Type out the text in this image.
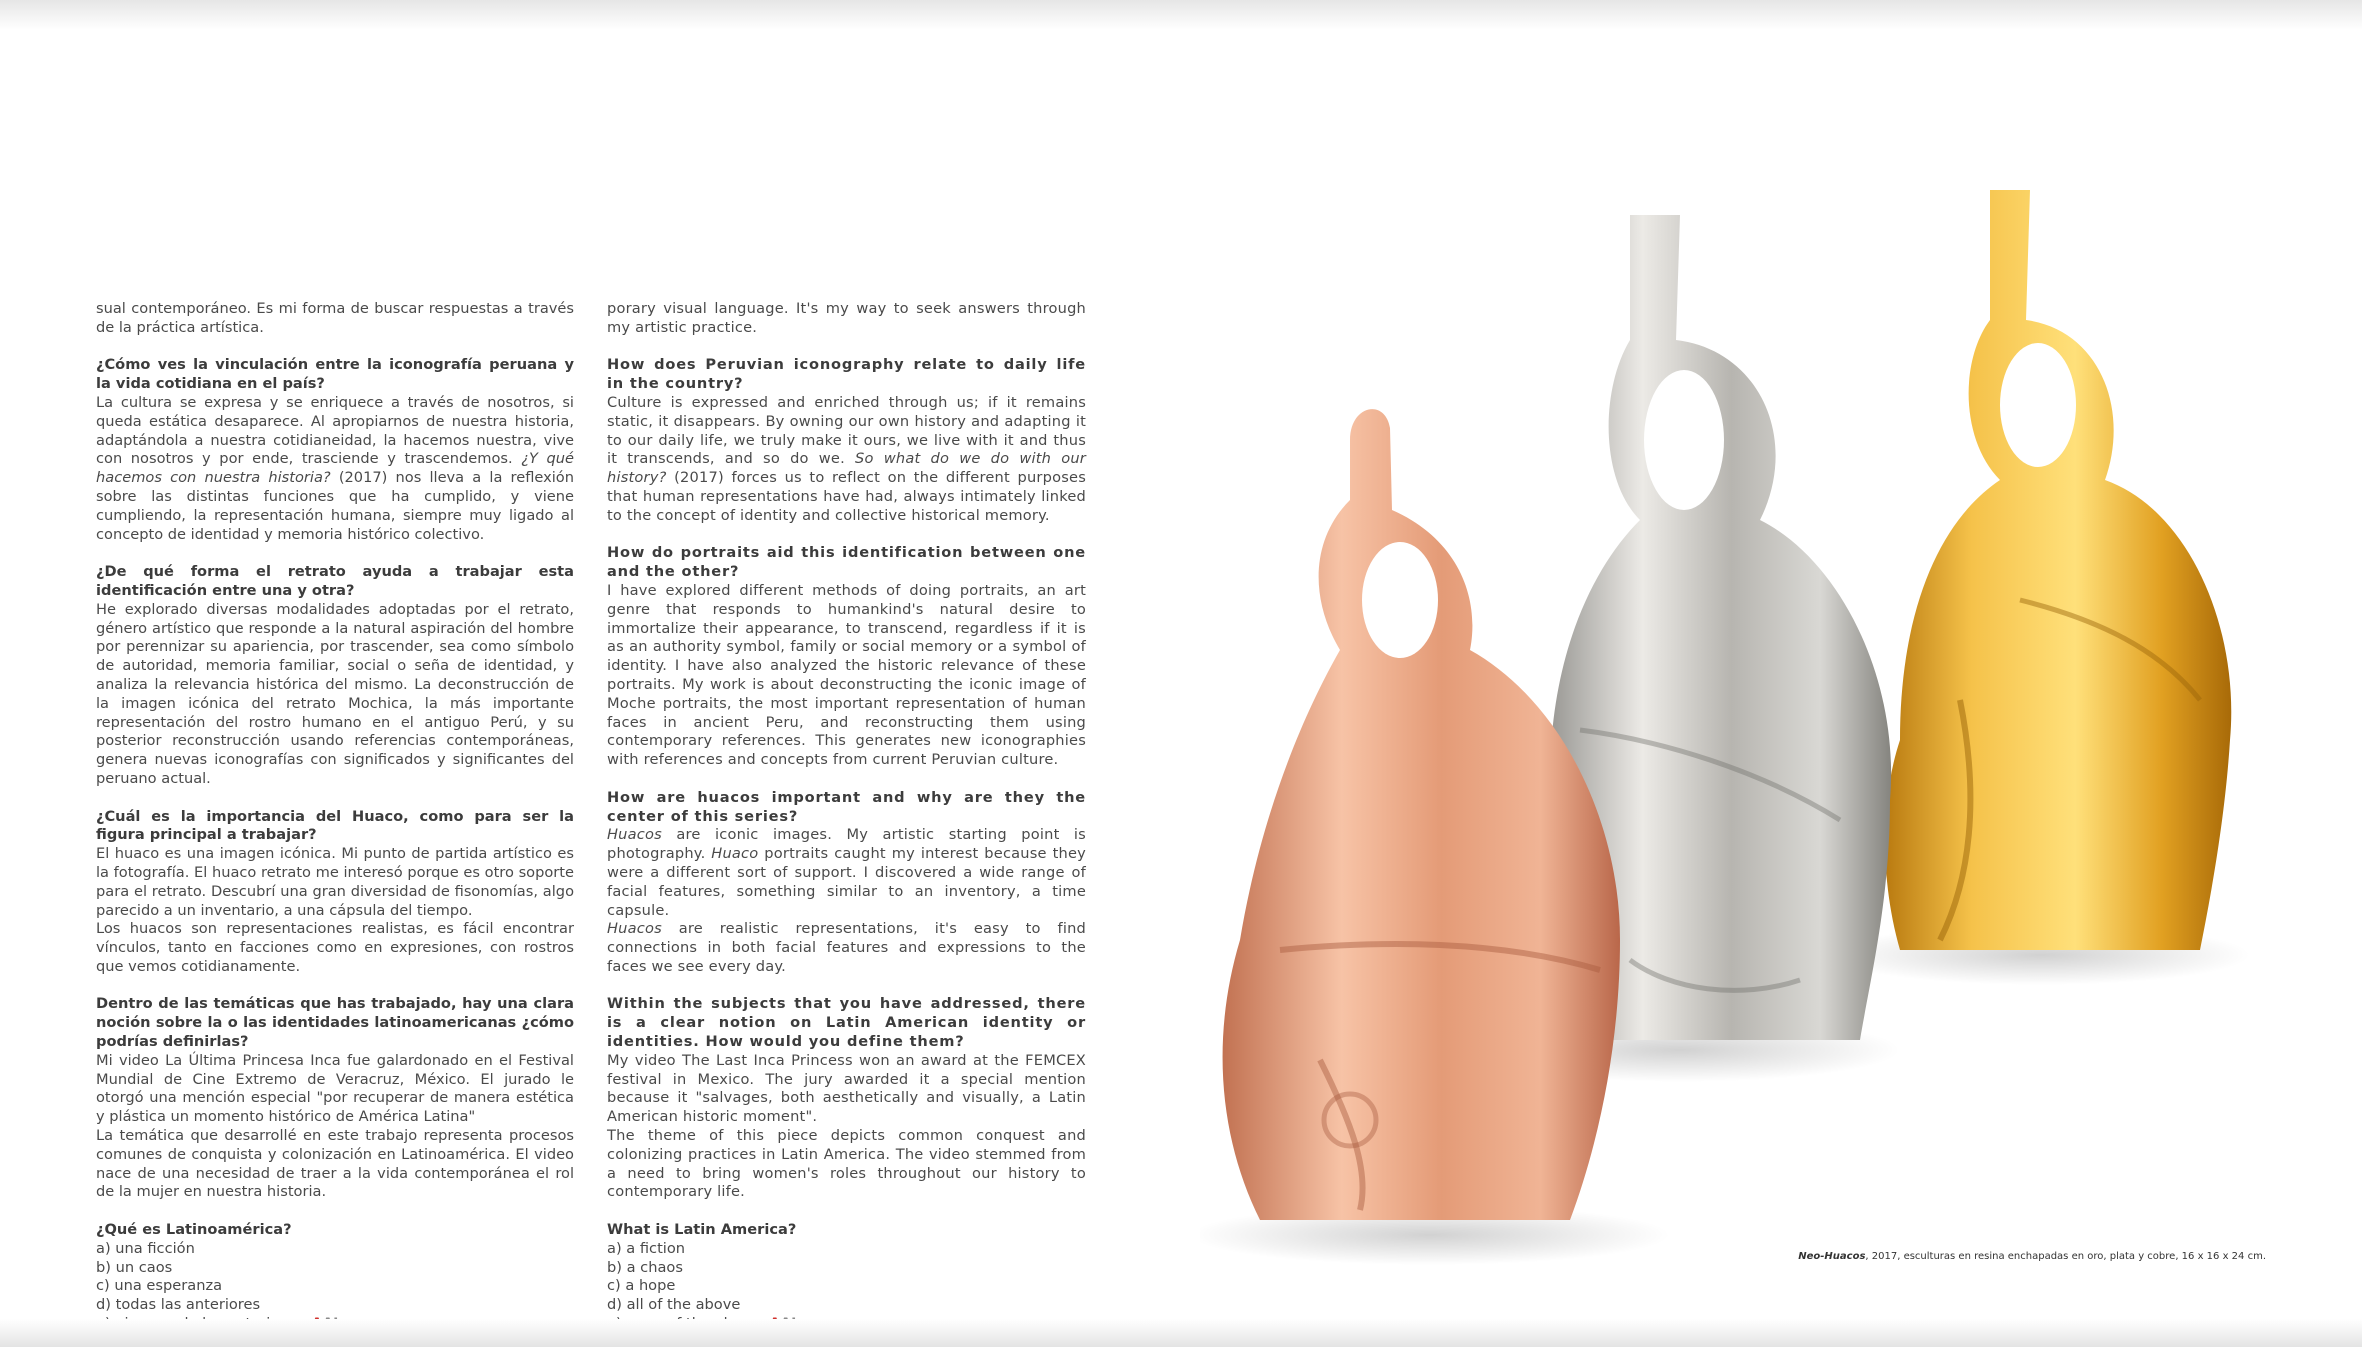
sual contemporáneo. Es mi forma de buscar respuestas a través de la práctica artística.

¿Cómo ves la vinculación entre la iconografía peruana y la vida cotidiana en el país?

La cultura se expresa y se enriquece a través de nosotros, si queda estática desaparece. Al apropiarnos de nuestra historia, adaptándola a nuestra cotidianeidad, la hacemos nuestra, vive con nosotros y por ende, trasciende y trascendemos. ¿Y qué hacemos con nuestra historia? (2017) nos lleva a la reflexión sobre las distintas funciones que ha cumplido, y viene cumpliendo, la representación humana, siempre muy ligado al concepto de identidad y memoria histórico colectivo.

¿De qué forma el retrato ayuda a trabajar esta identificación entre una y otra?

He explorado diversas modalidades adoptadas por el retrato, género artístico que responde a la natural aspiración del hombre por perennizar su apariencia, por trascender, sea como símbolo de autoridad, memoria familiar, social o seña de identidad, y analiza la relevancia histórica del mismo. La deconstrucción de la imagen icónica del retrato Mochica, la más importante representación del rostro humano en el antiguo Perú, y su posterior reconstrucción usando referencias contemporáneas, genera nuevas iconografías con significados y significantes del peruano actual.

¿Cuál es la importancia del Huaco, como para ser la figura principal a trabajar?

El huaco es una imagen icónica. Mi punto de partida artístico es la fotografía. El huaco retrato me interesó porque es otro soporte para el retrato. Descubrí una gran diversidad de fisonomías, algo parecido a un inventario, a una cápsula del tiempo.

Los huacos son representaciones realistas, es fácil encontrar vínculos, tanto en facciones como en expresiones, con rostros que vemos cotidianamente.

Dentro de las temáticas que has trabajado, hay una clara noción sobre la o las identidades latinoamericanas ¿cómo podrías definirlas?

Mi video La Última Princesa Inca fue galardonado en el Festival Mundial de Cine Extremo de Veracruz, México. El jurado le otorgó una mención especial "por recuperar de manera estética y plástica un momento histórico de América Latina"

La temática que desarrollé en este trabajo representa procesos comunes de conquista y colonización en Latinoamérica. El video nace de una necesidad de traer a la vida contemporánea el rol de la mujer en nuestra historia.

¿Qué es Latinoamérica?

a) una ficción
b) un caos
c) una esperanza
d) todas las anteriores

porary visual language. It's my way to seek answers through my artistic practice.

How does Peruvian iconography relate to daily life in the country?

Culture is expressed and enriched through us; if it remains static, it disappears. By owning our own history and adapting it to our daily life, we truly make it ours, we live with it and thus it transcends, and so do we. So what do we do with our history? (2017) forces us to reflect on the different purposes that human representations have had, always intimately linked to the concept of identity and collective historical memory.

How do portraits aid this identification between one and the other?

I have explored different methods of doing portraits, an art genre that responds to humankind's natural desire to immortalize their appearance, to transcend, regardless if it is as an authority symbol, family or social memory or a symbol of identity. I have also analyzed the historic relevance of these portraits. My work is about deconstructing the iconic image of Moche portraits, the most important representation of human faces in ancient Peru, and reconstructing them using contemporary references. This generates new iconographies with references and concepts from current Peruvian culture.

How are huacos important and why are they the center of this series?

Huacos are iconic images. My artistic starting point is photography. Huaco portraits caught my interest because they were a different sort of support. I discovered a wide range of facial features, something similar to an inventory, a time capsule.

Huacos are realistic representations, it's easy to find connections in both facial features and expressions to the faces we see every day.

Within the subjects that you have addressed, there is a clear notion on Latin American identity or identities. How would you define them?

My video The Last Inca Princess won an award at the FEMCEX festival in Mexico. The jury awarded it a special mention because it "salvages, both aesthetically and visually, a Latin American historic moment".

The theme of this piece depicts common conquest and colonizing practices in Latin America. The video stemmed from a need to bring women's roles throughout our history to contemporary life.

What is Latin America?

a) a fiction
b) a chaos
c) a hope
d) all of the above
Neo-Huacos, 2017, esculturas en resina enchapadas en oro, plata y cobre, 16 x 16 x 24 cm.
